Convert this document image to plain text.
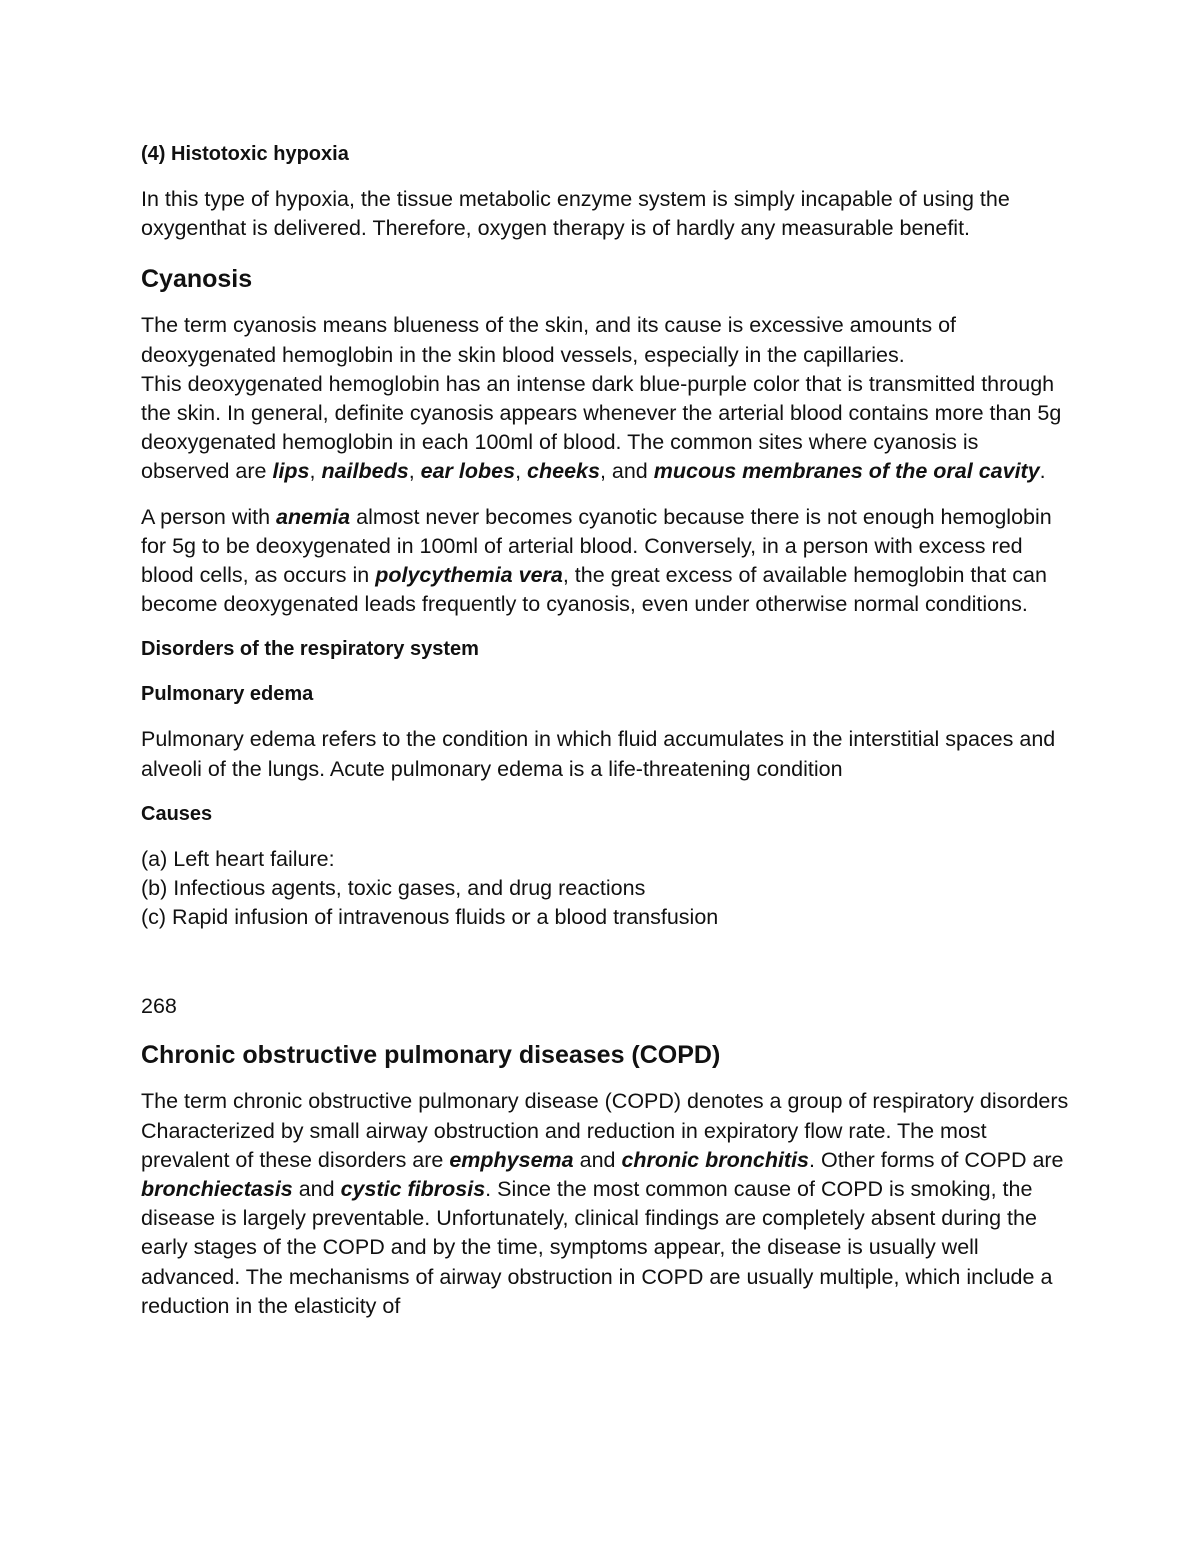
(4) Histotoxic hypoxia

In this type of hypoxia, the tissue metabolic enzyme system is simply incapable of using the oxygenthat is delivered. Therefore, oxygen therapy is of hardly any measurable benefit.

Cyanosis

The term cyanosis means blueness of the skin, and its cause is excessive amounts of deoxygenated hemoglobin in the skin blood vessels, especially in the capillaries.
This deoxygenated hemoglobin has an intense dark blue-purple color that is transmitted through the skin. In general, definite cyanosis appears whenever the arterial blood contains more than 5g deoxygenated hemoglobin in each 100ml of blood. The common sites where cyanosis is observed are lips, nailbeds, ear lobes, cheeks, and mucous membranes of the oral cavity.

A person with anemia almost never becomes cyanotic because there is not enough hemoglobin for 5g to be deoxygenated in 100ml of arterial blood. Conversely, in a person with excess red blood cells, as occurs in polycythemia vera, the great excess of available hemoglobin that can become deoxygenated leads frequently to cyanosis, even under otherwise normal conditions.

Disorders of the respiratory system
Pulmonary edema

Pulmonary edema refers to the condition in which fluid accumulates in the interstitial spaces and alveoli of the lungs. Acute pulmonary edema is a life-threatening condition

Causes
(a) Left heart failure:
(b) Infectious agents, toxic gases, and drug reactions
(c) Rapid infusion of intravenous fluids or a blood transfusion
268
Chronic obstructive pulmonary diseases (COPD)

The term chronic obstructive pulmonary disease (COPD) denotes a group of respiratory disorders Characterized by small airway obstruction and reduction in expiratory flow rate. The most prevalent of these disorders are emphysema and chronic bronchitis. Other forms of COPD are bronchiectasis and cystic fibrosis. Since the most common cause of COPD is smoking, the disease is largely preventable. Unfortunately, clinical findings are completely absent during the early stages of the COPD and by the time, symptoms appear, the disease is usually well advanced. The mechanisms of airway obstruction in COPD are usually multiple, which include a reduction in the elasticity of
